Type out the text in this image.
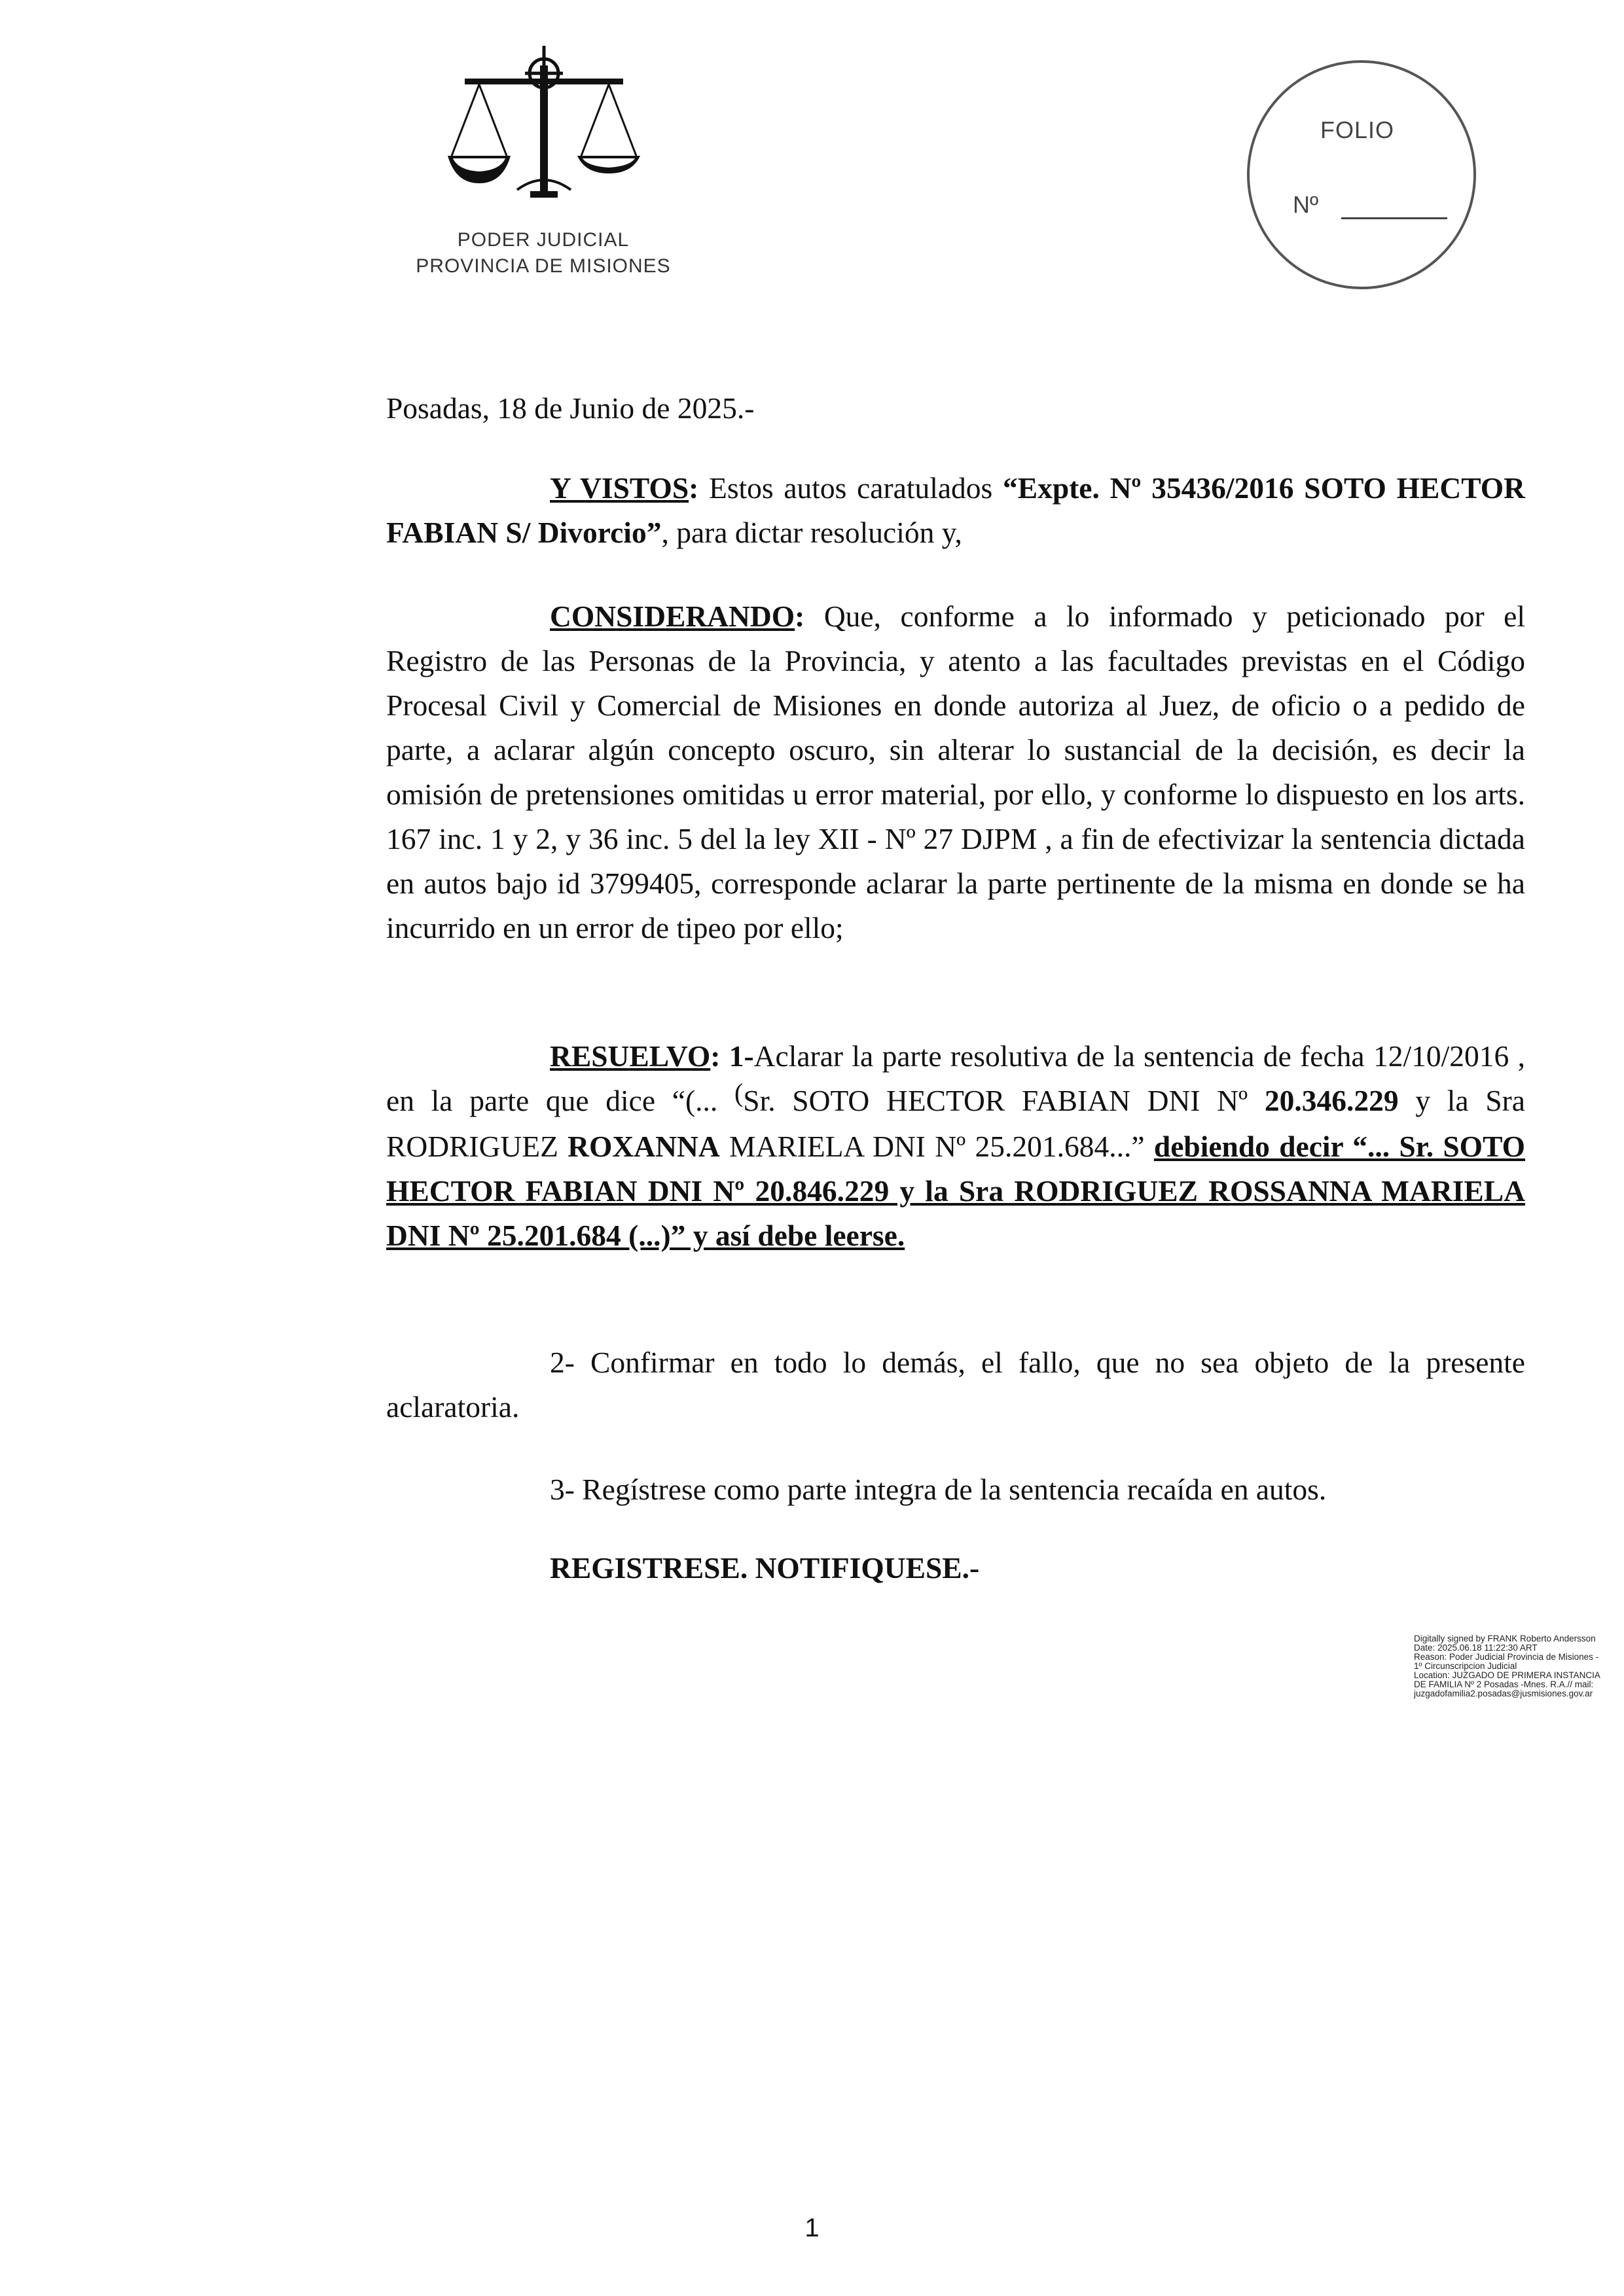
PODER JUDICIAL
PROVINCIA DE MISIONES
FOLIO
Nº
Posadas, 18 de Junio de 2025.-
Y VISTOS: Estos autos caratulados “Expte. Nº 35436/2016 SOTO HECTOR FABIAN S/ Divorcio”, para dictar resolución y,
CONSIDERANDO: Que, conforme a lo informado y peticionado por el Registro de las Personas de la Provincia, y atento a las facultades previstas en el Código Procesal Civil y Comercial de Misiones en donde autoriza al Juez, de oficio o a pedido de parte, a aclarar algún concepto oscuro, sin alterar lo sustancial de la decisión, es decir la omisión de pretensiones omitidas u error material, por ello, y conforme lo dispuesto en los arts. 167 inc. 1 y 2, y 36 inc. 5 del la ley XII - Nº 27 DJPM , a fin de efectivizar la sentencia dictada en autos bajo id 3799405, corresponde aclarar la parte pertinente de la misma en donde se ha incurrido en un error de tipeo por ello;
RESUELVO: 1-Aclarar la parte resolutiva de la sentencia de fecha 12/10/2016 , en la parte que dice “(... (Sr. SOTO HECTOR FABIAN DNI Nº 20.346.229 y la Sra RODRIGUEZ ROXANNA MARIELA DNI Nº 25.201.684...” debiendo decir “... Sr. SOTO HECTOR FABIAN DNI Nº 20.846.229 y la Sra RODRIGUEZ ROSSANNA MARIELA DNI Nº 25.201.684 (...)” y así debe leerse.
2- Confirmar en todo lo demás, el fallo, que no sea objeto de la presente aclaratoria.
3- Regístrese como parte integra de la sentencia recaída en autos.
REGISTRESE. NOTIFIQUESE.-
Digitally signed by FRANK Roberto Andersson
Date: 2025.06.18 11:22:30 ART
Reason: Poder Judicial Provincia de Misiones -
1º Circunscripcion Judicial
Location: JUZGADO DE PRIMERA INSTANCIA
DE FAMILIA Nº 2 Posadas -Mnes. R.A.// mail:
juzgadofamilia2.posadas@jusmisiones.gov.ar
1
